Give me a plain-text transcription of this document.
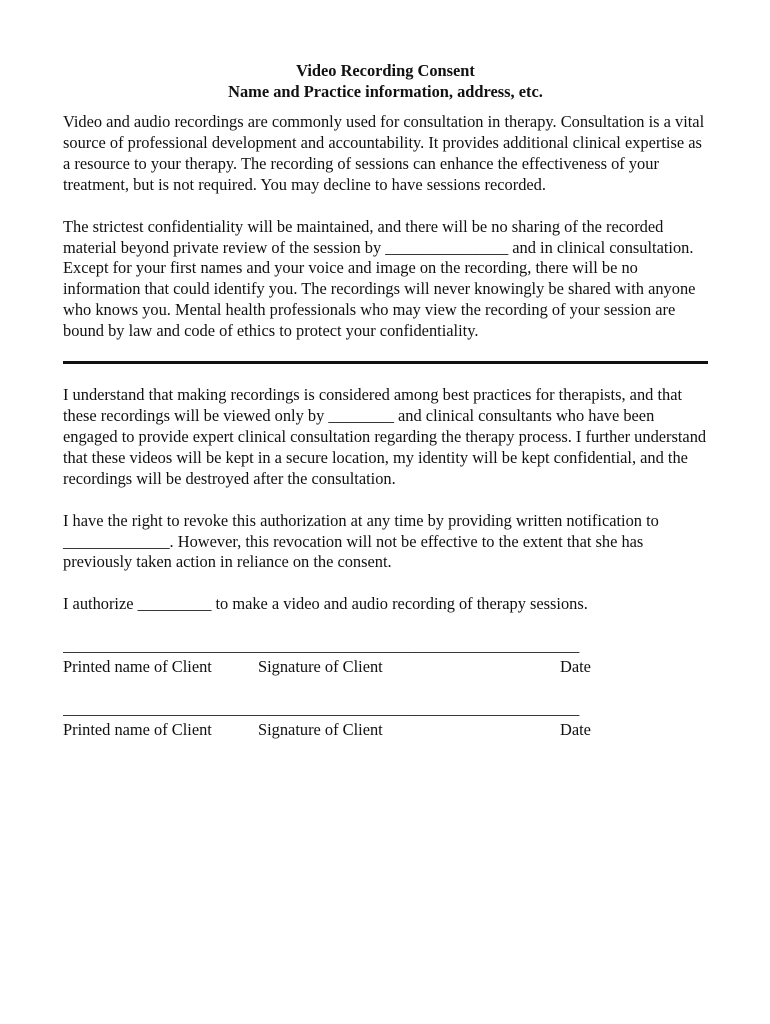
Video Recording Consent
Name and Practice information, address, etc.

Video and audio recordings are commonly used for consultation in therapy. Consultation is a vital source of professional development and accountability. It provides additional clinical expertise as a resource to your therapy. The recording of sessions can enhance the effectiveness of your treatment, but is not required. You may decline to have sessions recorded.

The strictest confidentiality will be maintained, and there will be no sharing of the recorded material beyond private review of the session by _______________ and in clinical consultation. Except for your first names and your voice and image on the recording, there will be no information that could identify you. The recordings will never knowingly be shared with anyone who knows you. Mental health professionals who may view the recording of your session are bound by law and code of ethics to protect your confidentiality.

I understand that making recordings is considered among best practices for therapists, and that these recordings will be viewed only by ________ and clinical consultants who have been engaged to provide expert clinical consultation regarding the therapy process. I further understand that these videos will be kept in a secure location, my identity will be kept confidential, and the recordings will be destroyed after the consultation.

I have the right to revoke this authorization at any time by providing written notification to _____________. However, this revocation will not be effective to the extent that she has previously taken action in reliance on the consent.

I authorize _________ to make a video and audio recording of therapy sessions.

_______________________________________________________________
Printed name of Client	Signature of Client	Date
_______________________________________________________________
Printed name of Client	Signature of Client	Date
